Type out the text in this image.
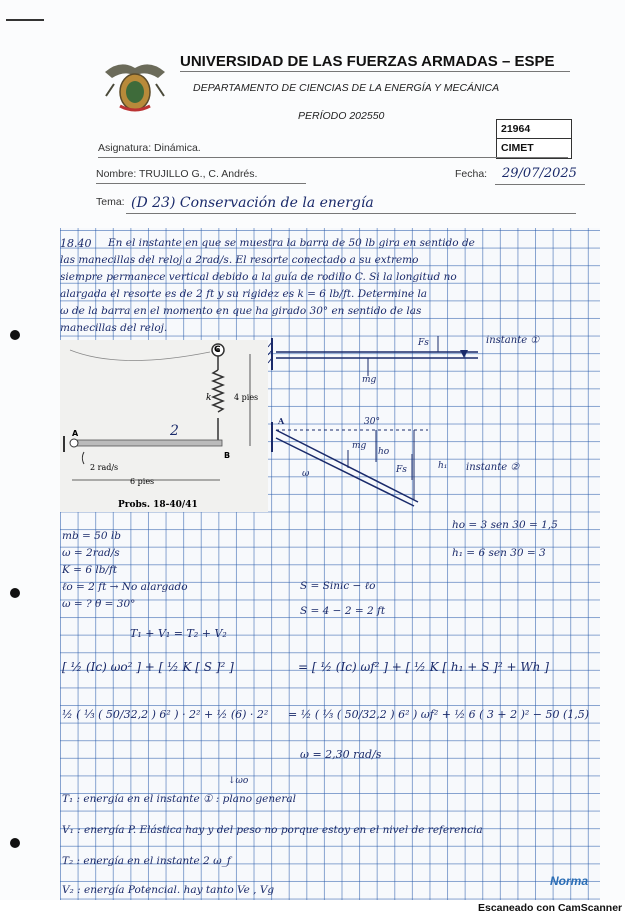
UNIVERSIDAD DE LAS FUERZAS ARMADAS – ESPE
DEPARTAMENTO DE CIENCIAS DE LA ENERGÍA Y MECÁNICA
PERÍODO 202550
21964
CIMET
Asignatura: Dinámica.
Nombre: TRUJILLO G., C. Andrés.	Fecha: 29/07/2025
Tema: (D 23) Conservación de la energía
18.40 En el instante en que se muestra la barra de 50 lb gira en sentido de
las manecillas del reloj a 2rad/s. El resorte conectado a su extremo
siempre permanece vertical debido a la guía de rodillo C. Si la longitud no
alargada el resorte es de 2 ft y su rigidez es k = 6 lb/ft. Determine la
ω de la barra en el momento en que ha girado 30° en sentido de las
manecillas del reloj.
C
k	4 pies
A
B
2 rad/s
6 pies
Probs. 18-40/41
Fs	instante ①
mg
A
mg
30°
ho
h₁ instante ②
ω	Fs
2
mb = 50 lb
ω = 2rad/s
K = 6 lb/ft
ℓo = 2 ft → No alargado
ω = ? θ = 30°
ho = 3 sen 30 = 1,5
h₁ = 6 sen 30 = 3
S = Sinic − ℓo
S = 4 − 2 = 2 ft
T₁ + V₁ = T₂ + V₂
[ ½ (Ic) ωo² ] + [ ½ K [ S ]² ]	= [ ½ (Ic) ωf² ] + [ ½ K [ h₁ + S ]² + Wh ]
½ ( ⅓ ( 50/32,2 ) 6² ) · 2² + ½ (6) · 2² = ½ ( ⅓ ( 50/32,2 ) 6² ) ωf² + ½ 6 ( 3 + 2 )² − 50 (1,5)
ω = 2,30 rad/s
↓ωo
T₁ : energía en el instante ① : plano general
V₁ : energía P. Elástica hay y del peso no porque estoy en el nivel de referencia
T₂ : energía en el instante 2 ω_f
V₂ : energía Potencial. hay tanto Ve , Vg
Norma
Escaneado con CamScanner
